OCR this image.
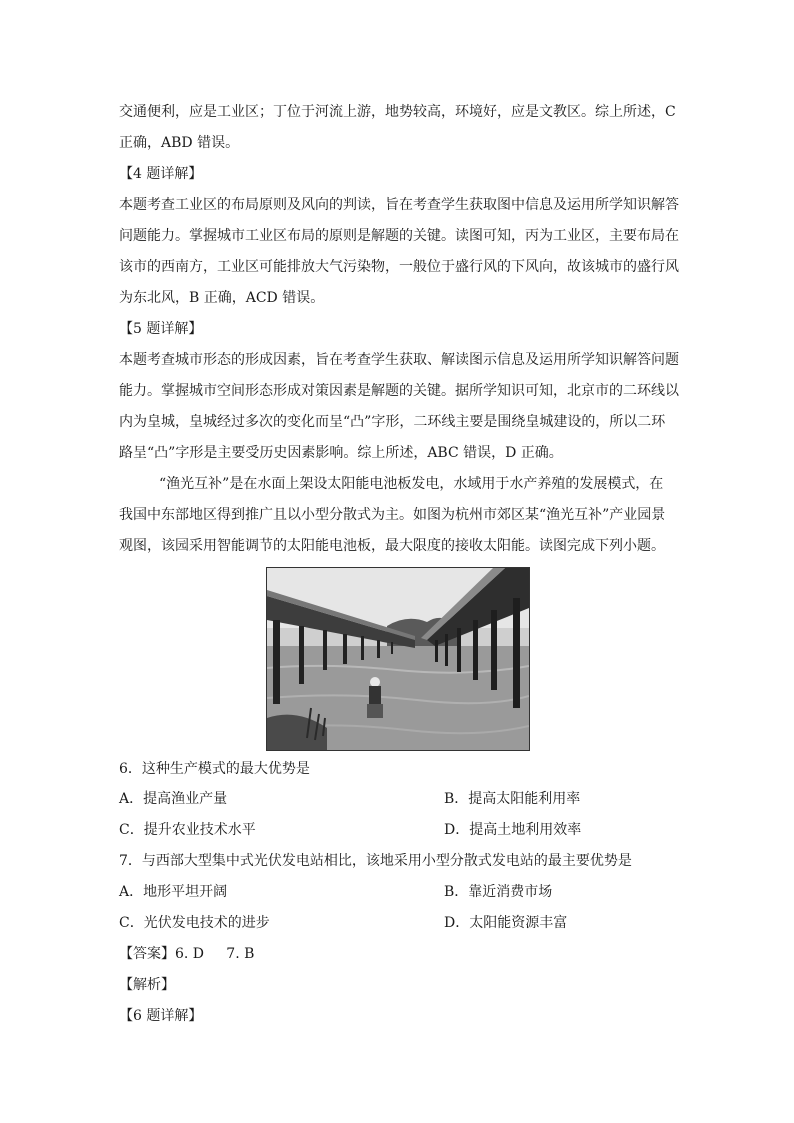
交通便利，应是工业区；丁位于河流上游，地势较高，环境好，应是文教区。综上所述，C
正确，ABD 错误。
【4 题详解】
本题考查工业区的布局原则及风向的判读，旨在考查学生获取图中信息及运用所学知识解答
问题能力。掌握城市工业区布局的原则是解题的关键。读图可知，丙为工业区，主要布局在
该市的西南方，工业区可能排放大气污染物，一般位于盛行风的下风向，故该城市的盛行风
为东北风，B 正确，ACD 错误。
【5 题详解】
本题考查城市形态的形成因素，旨在考查学生获取、解读图示信息及运用所学知识解答问题
能力。掌握城市空间形态形成对策因素是解题的关键。据所学知识可知，北京市的二环线以
内为皇城，皇城经过多次的变化而呈“凸”字形，二环线主要是围绕皇城建设的，所以二环
路呈“凸”字形是主要受历史因素影响。综上所述，ABC 错误，D 正确。
“渔光互补”是在水面上架设太阳能电池板发电，水域用于水产养殖的发展模式，在
我国中东部地区得到推广且以小型分散式为主。如图为杭州市郊区某“渔光互补”产业园景
观图，该园采用智能调节的太阳能电池板，最大限度的接收太阳能。读图完成下列小题。
6．这种生产模式的最大优势是
A．提高渔业产量	B．提高太阳能利用率
C．提升农业技术水平	D．提高土地利用效率
7．与西部大型集中式光伏发电站相比，该地采用小型分散式发电站的最主要优势是
A．地形平坦开阔	B．靠近消费市场
C．光伏发电技术的进步	D．太阳能资源丰富
【答案】6. D     7. B
【解析】
【6 题详解】
